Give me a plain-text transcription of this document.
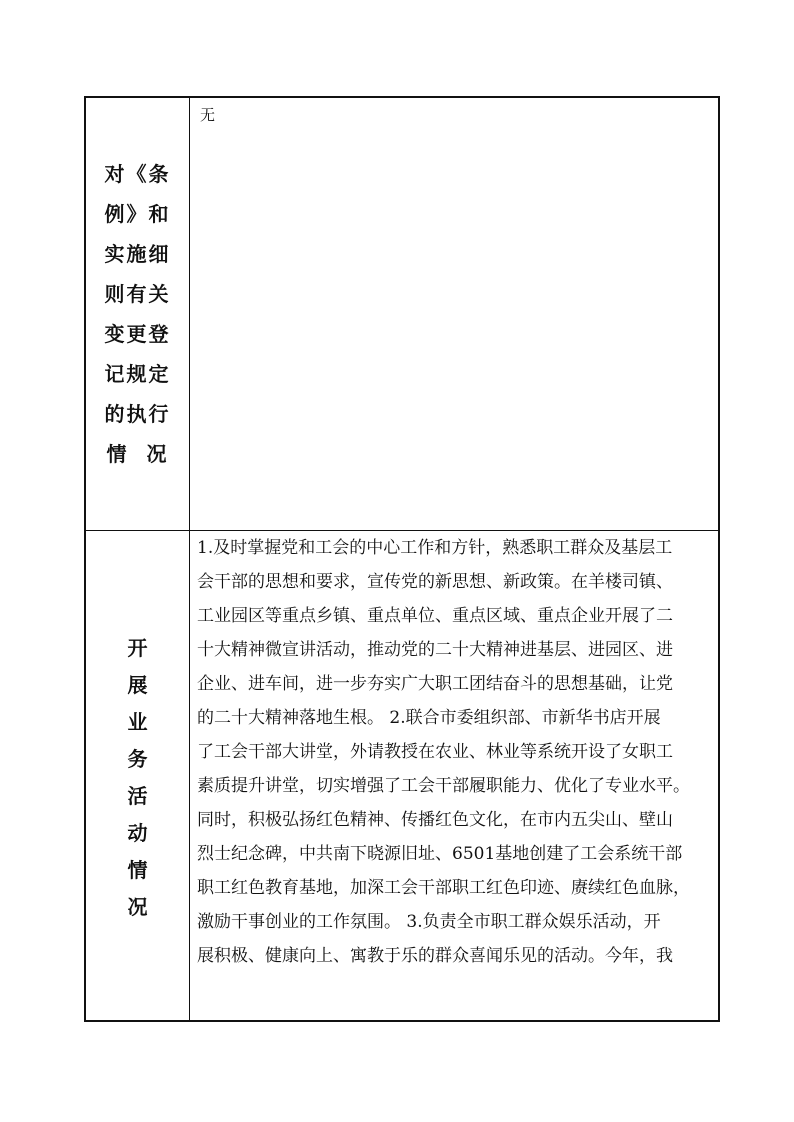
对《条
例》和
实施细
则有关
变更登
记规定
的执行
情  况
无
开
展
业
务
活
动
情
况
1.及时掌握党和工会的中心工作和方针，熟悉职工群众及基层工
会干部的思想和要求，宣传党的新思想、新政策。在羊楼司镇、
工业园区等重点乡镇、重点单位、重点区域、重点企业开展了二
十大精神微宣讲活动，推动党的二十大精神进基层、进园区、进
企业、进车间，进一步夯实广大职工团结奋斗的思想基础，让党
的二十大精神落地生根。 2.联合市委组织部、市新华书店开展
了工会干部大讲堂，外请教授在农业、林业等系统开设了女职工
素质提升讲堂，切实增强了工会干部履职能力、优化了专业水平。
同时，积极弘扬红色精神、传播红色文化，在市内五尖山、壁山
烈士纪念碑，中共南下晓源旧址、6501基地创建了工会系统干部
职工红色教育基地，加深工会干部职工红色印迹、赓续红色血脉，
激励干事创业的工作氛围。 3.负责全市职工群众娱乐活动，开
展积极、健康向上、寓教于乐的群众喜闻乐见的活动。今年，我
